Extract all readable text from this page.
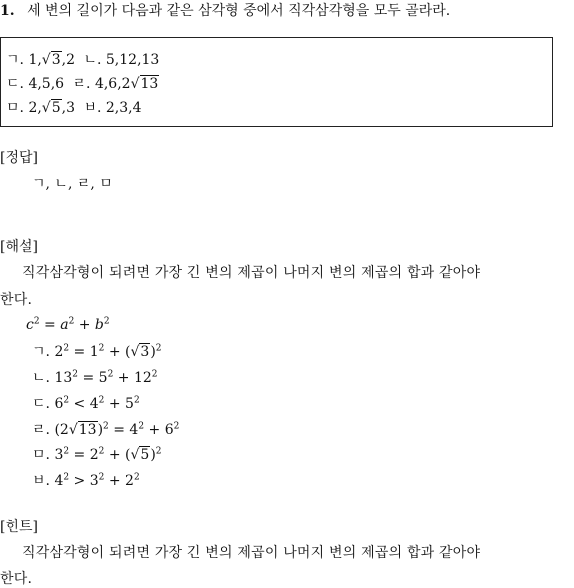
1. 세 변의 길이가 다음과 같은 삼각형 중에서 직각삼각형을 모두 골라라.
ㄱ. 1,√3,2 ㄴ. 5,12,13
ㄷ. 4,5,6 ㄹ. 4,6,2√13
ㅁ. 2,√5,3 ㅂ. 2,3,4
[정답]
ㄱ, ㄴ, ㄹ, ㅁ
[해설]
직각삼각형이 되려면 가장 긴 변의 제곱이 나머지 변의 제곱의 합과 같아야
한다.
$c^2 = a^2 + b^2$
ㄱ. $2^2 = 1^2 + (√3)^2$
ㄴ. $13^2 = 5^2 + 12^2$
ㄷ. $6^2 < 4^2 + 5^2$
ㄹ. $(2√13)^2 = 4^2 + 6^2$
ㅁ. $3^2 = 2^2 + (√5)^2$
ㅂ. $4^2 > 3^2 + 2^2$
[힌트]
직각삼각형이 되려면 가장 긴 변의 제곱이 나머지 변의 제곱의 합과 같아야
한다.
